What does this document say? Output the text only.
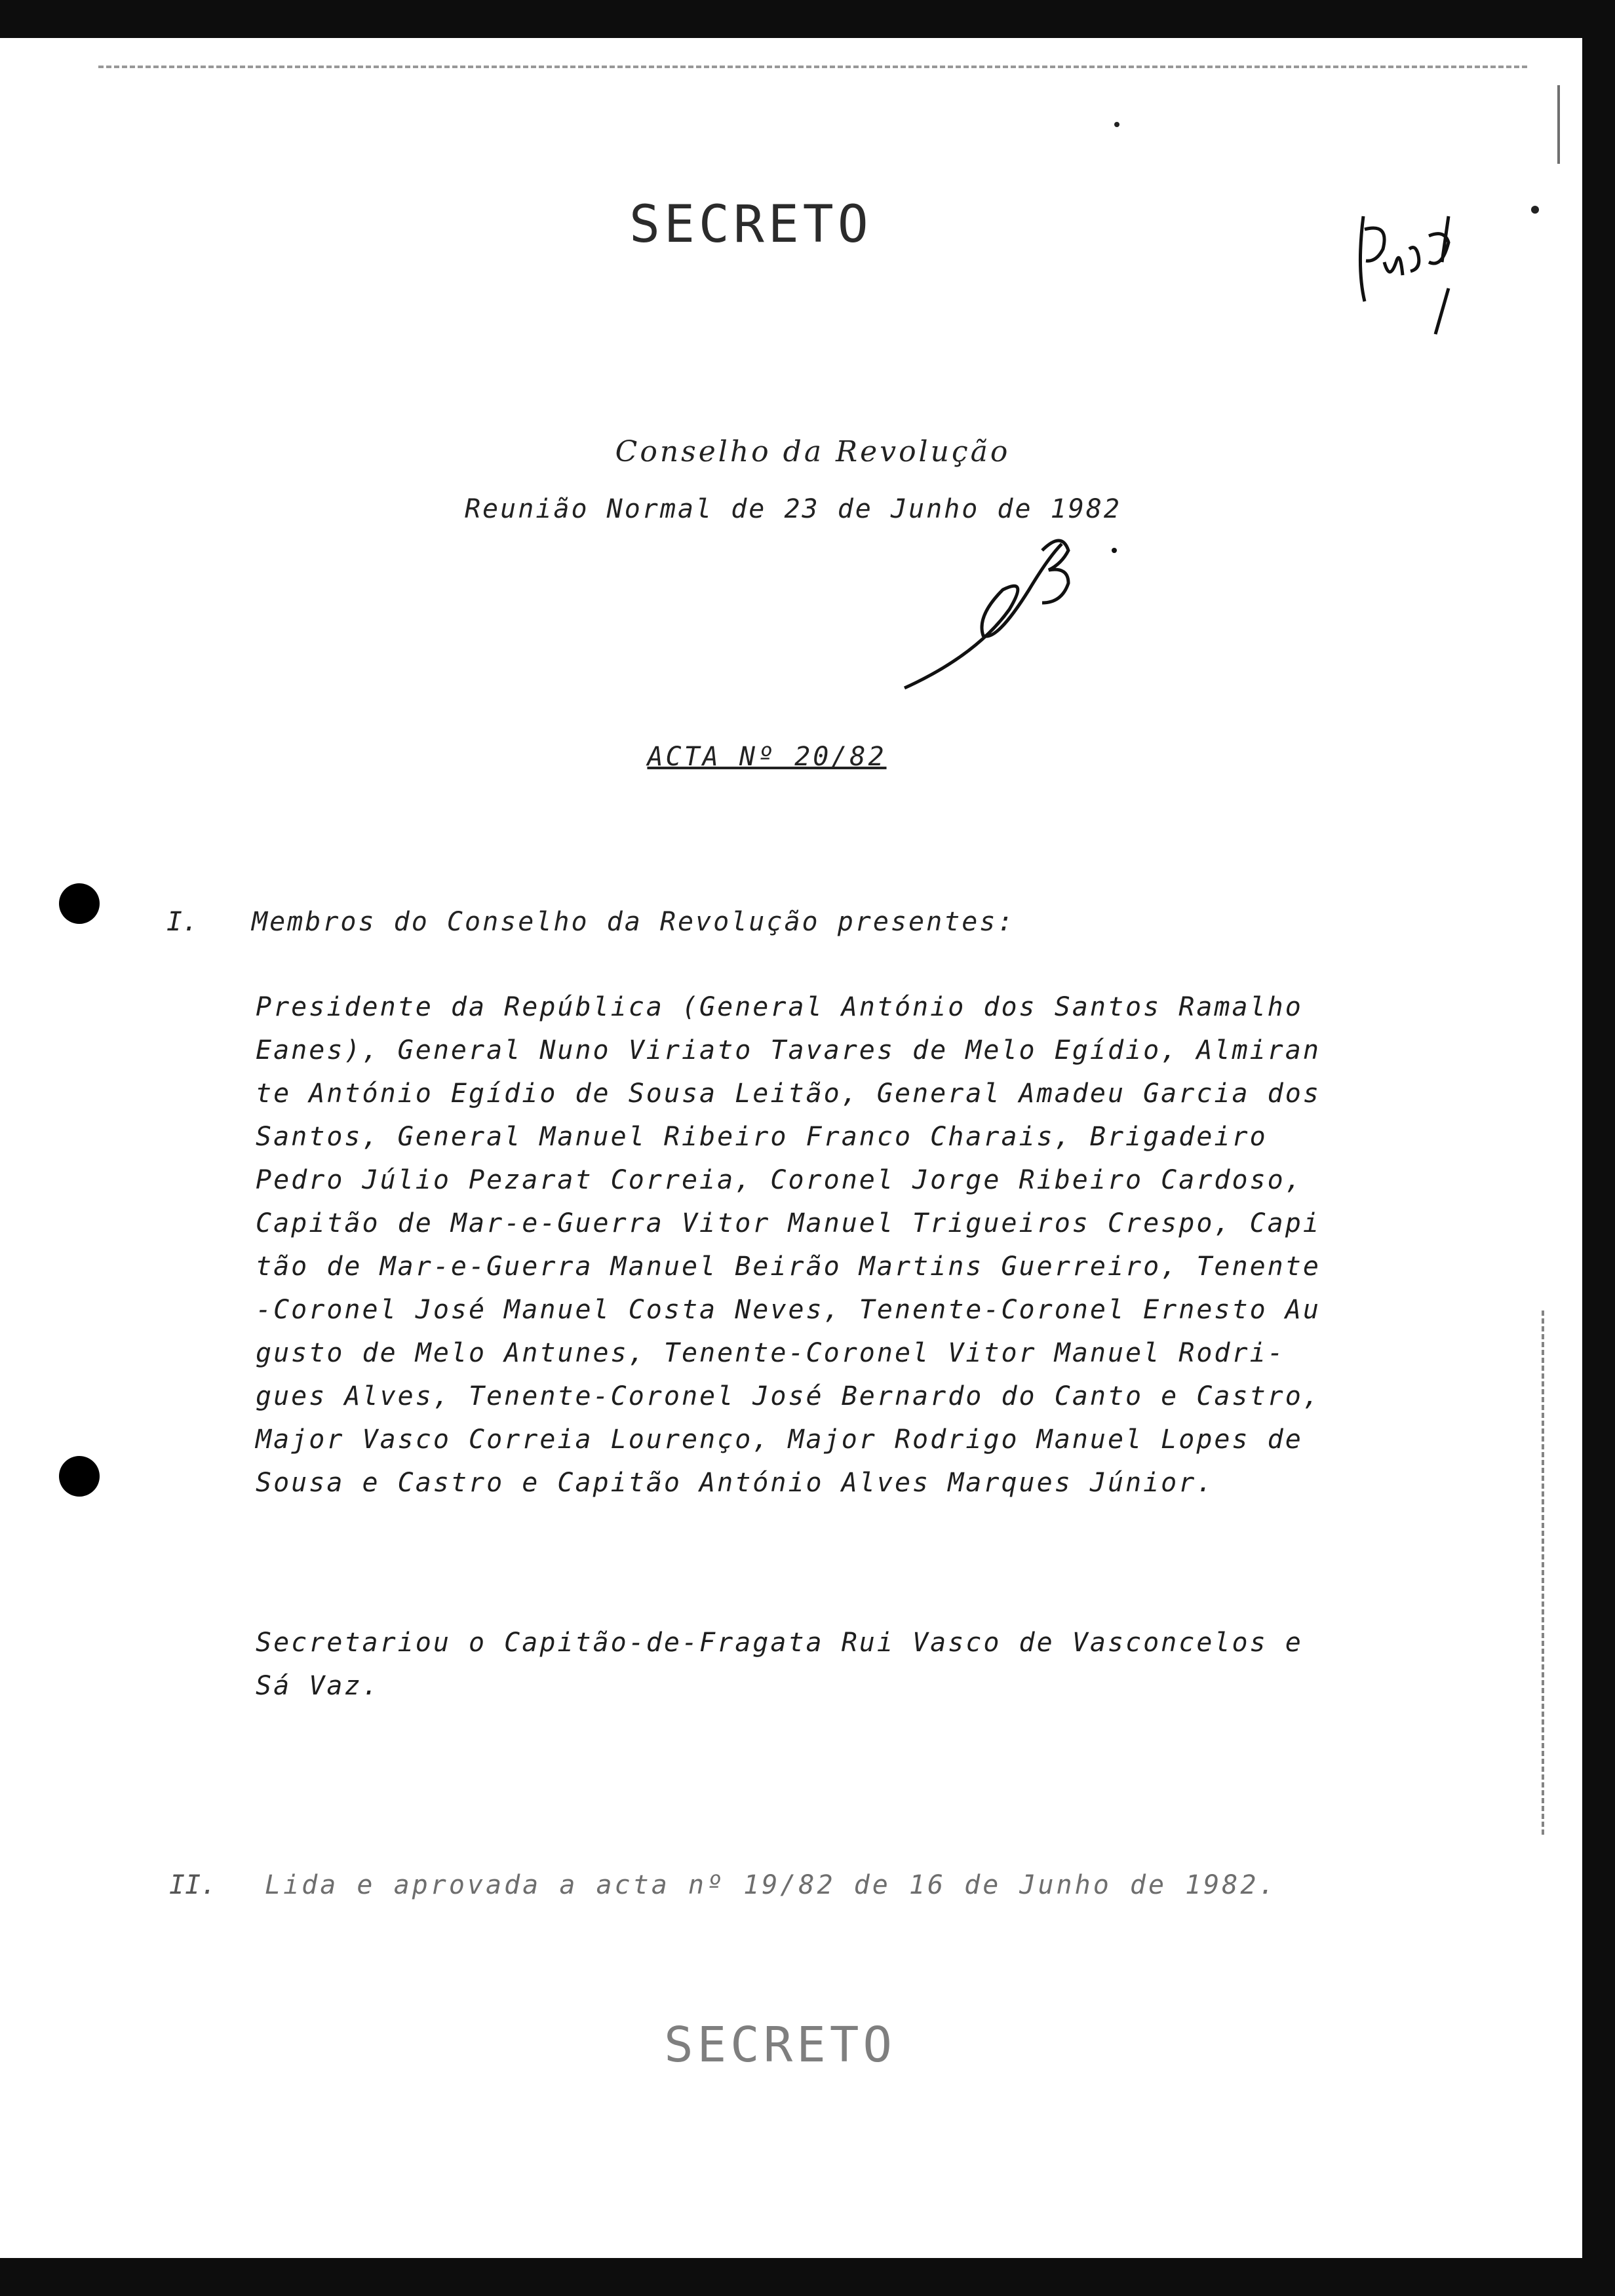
SECRETO
Conselho da Revolução
Reunião Normal de 23 de Junho de 1982
ACTA Nº 20/82
I. Membros do Conselho da Revolução presentes:
Presidente da República (General António dos Santos Ramalho
Eanes), General Nuno Viriato Tavares de Melo Egídio, Almiran
te António Egídio de Sousa Leitão, General Amadeu Garcia dos
Santos, General Manuel Ribeiro Franco Charais, Brigadeiro
Pedro Júlio Pezarat Correia, Coronel Jorge Ribeiro Cardoso,
Capitão de Mar-e-Guerra Vitor Manuel Trigueiros Crespo, Capi
tão de Mar-e-Guerra Manuel Beirão Martins Guerreiro, Tenente
-Coronel José Manuel Costa Neves, Tenente-Coronel Ernesto Au
gusto de Melo Antunes, Tenente-Coronel Vitor Manuel Rodri-
gues Alves, Tenente-Coronel José Bernardo do Canto e Castro,
Major Vasco Correia Lourenço, Major Rodrigo Manuel Lopes de
Sousa e Castro e Capitão António Alves Marques Júnior.
Secretariou o Capitão-de-Fragata Rui Vasco de Vasconcelos e
Sá Vaz.
II. Lida e aprovada a acta nº 19/82 de 16 de Junho de 1982.
SECRETO
